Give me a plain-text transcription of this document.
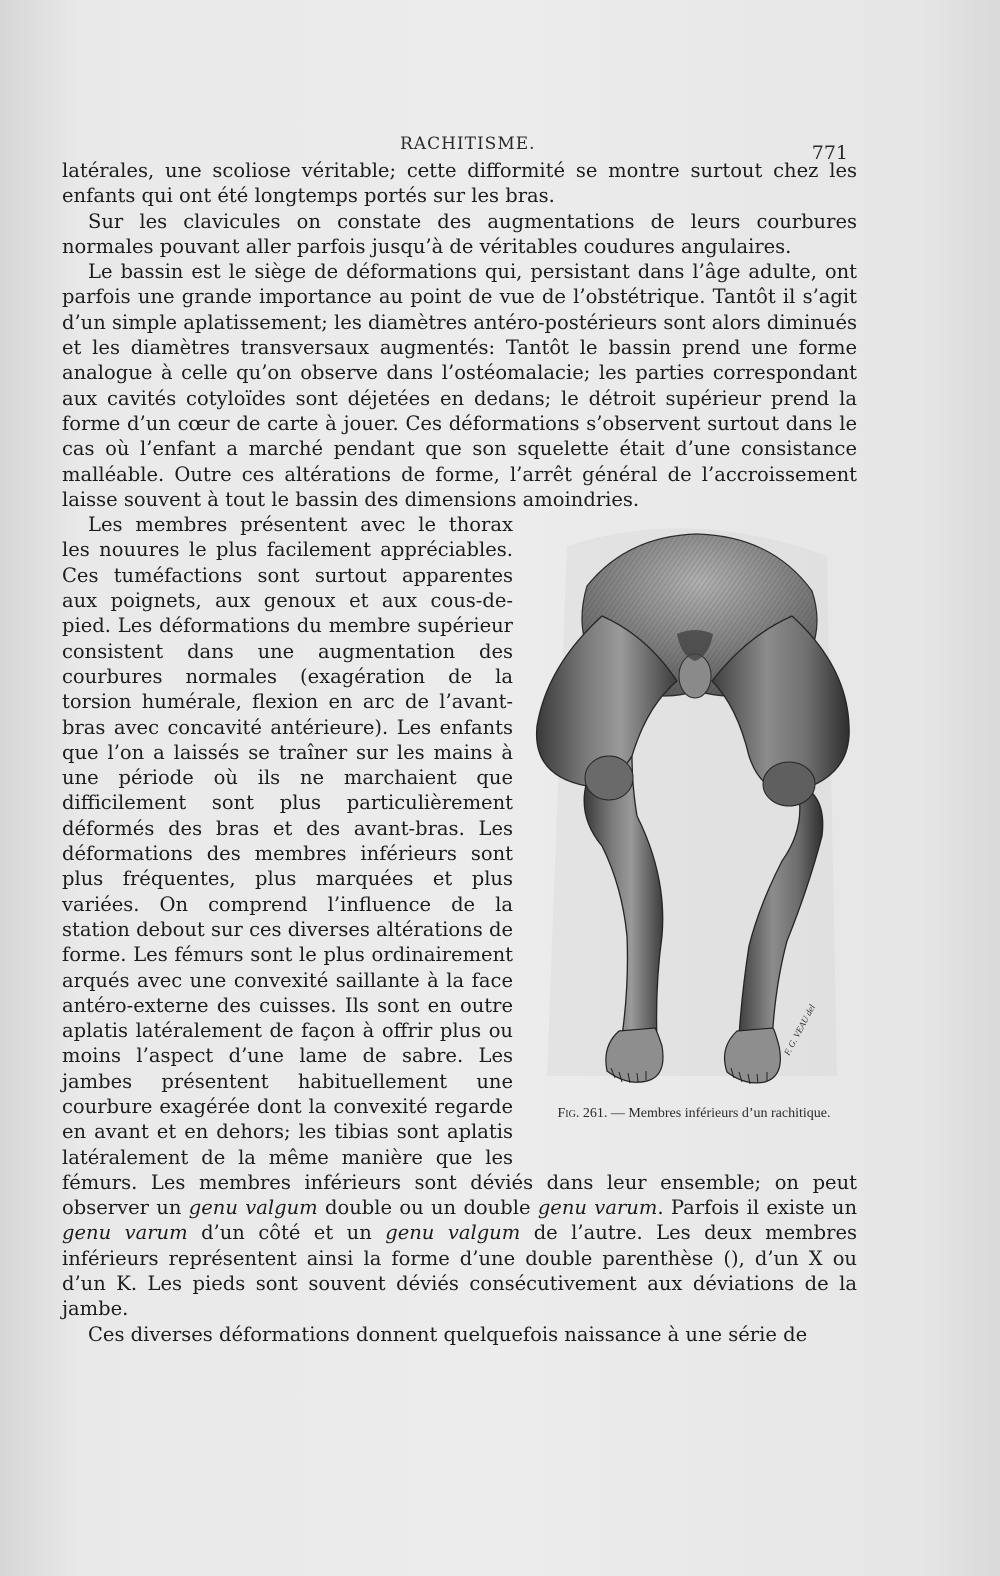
RACHITISME.	771

latérales, une scoliose véritable; cette difformité se montre surtout chez les enfants qui ont été longtemps portés sur les bras.

Sur les clavicules on constate des augmentations de leurs courbures normales pouvant aller parfois jusqu’à de véritables coudures angulaires.

Le bassin est le siège de déformations qui, persistant dans l’âge adulte, ont parfois une grande importance au point de vue de l’obstétrique. Tantôt il s’agit d’un simple aplatissement; les diamètres antéro-postérieurs sont alors diminués et les diamètres transversaux augmentés: Tantôt le bassin prend une forme analogue à celle qu’on observe dans l’ostéomalacie; les parties correspondant aux cavités cotyloïdes sont déjetées en dedans; le détroit supérieur prend la forme d’un cœur de carte à jouer. Ces déformations s’observent surtout dans le cas où l’enfant a marché pendant que son squelette était d’une consistance malléable. Outre ces altérations de forme, l’arrêt général de l’accroissement laisse souvent à tout le bassin des dimensions amoindries.

F. G. VEAU del
Fig. 261. — Membres inférieurs d’un rachitique.

Les membres présentent avec le thorax les nouures le plus facilement appréciables. Ces tuméfactions sont surtout apparentes aux poignets, aux genoux et aux cous-de-pied. Les déformations du membre supérieur consistent dans une augmentation des courbures normales (exagération de la torsion humérale, flexion en arc de l’avant-bras avec concavité antérieure). Les enfants que l’on a laissés se traîner sur les mains à une période où ils ne marchaient que difficilement sont plus particulièrement déformés des bras et des avant-bras. Les déformations des membres inférieurs sont plus fréquentes, plus marquées et plus variées. On comprend l’influence de la station debout sur ces diverses altérations de forme. Les fémurs sont le plus ordinairement arqués avec une convexité saillante à la face antéro-externe des cuisses. Ils sont en outre aplatis latéralement de façon à offrir plus ou moins l’aspect d’une lame de sabre. Les jambes présentent habituellement une courbure exagérée dont la convexité regarde en avant et en dehors; les tibias sont aplatis latéralement de la même manière que les fémurs. Les membres inférieurs sont déviés dans leur ensemble; on peut observer un genu valgum double ou un double genu varum. Parfois il existe un genu varum d’un côté et un genu valgum de l’autre. Les deux membres inférieurs représentent ainsi la forme d’une double parenthèse (), d’un X ou d’un K. Les pieds sont souvent déviés consécutivement aux déviations de la jambe.

Ces diverses déformations donnent quelquefois naissance à une série de
